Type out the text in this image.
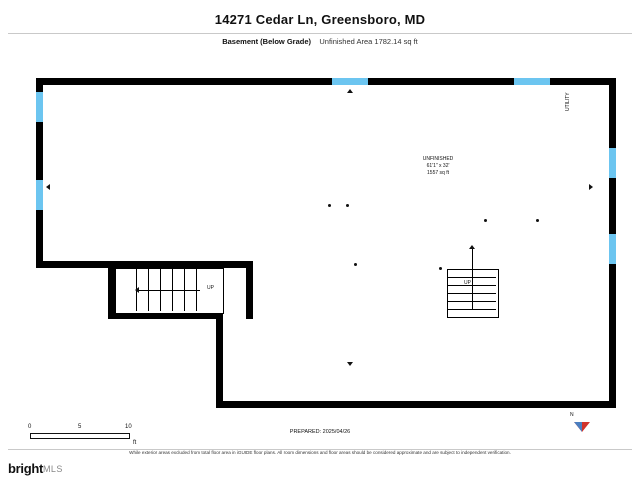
14271 Cedar Ln, Greensboro, MD
Basement (Below Grade) Unfinished Area 1782.14 sq ft
UTILITY
UNFINISHED
61'1" x 32'
1557 sq ft
UP
UP
0	5	10
ft
PREPARED: 2025/04/26
N
While exterior areas excluded from total floor area in iGUIDE floor plans. All room dimensions and floor areas should be considered approximate and are subject to independent verification.
brightMLS
